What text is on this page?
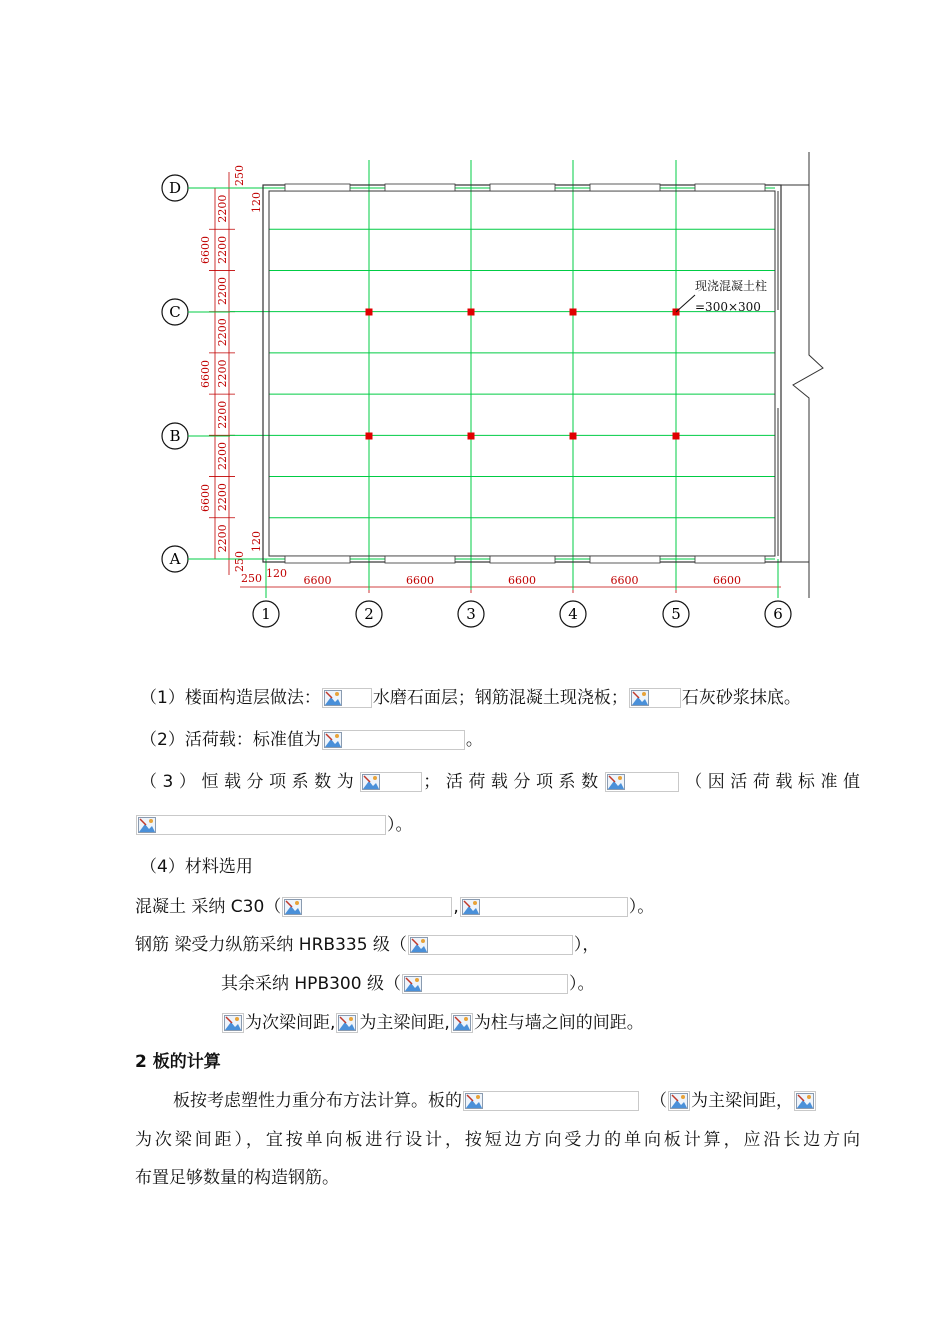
6600
6600
6600
2200
2200
2200
2200
2200
2200
2200
2200
2200
250
120
120
250
250 120
6600	6600	6600	6600	6600
D
C
B
A
1	2	3	4	5	6
现浇混凝土柱
=300×300
（1）楼面构造层做法：	水磨石面层；钢筋混凝土现浇板；	石灰砂浆抹底。
（2）活荷载：标准值为	。
（3）恒载分项系数为	；活荷载分项系数	（因活荷载标准值
）。
（4）材料选用
混凝土 采纳 C30（	,	）。
钢筋 梁受力纵筋采纳 HRB335 级（	），
其余采纳 HPB300 级（	）。
为次梁间距, 为主梁间距, 为柱与墙之间的间距。
2 板的计算
板按考虑塑性力重分布方法计算。板的	（ 为主梁间距，
为次梁间距），宜按单向板进行设计，按短边方向受力的单向板计算，应沿长边方向
布置足够数量的构造钢筋。
